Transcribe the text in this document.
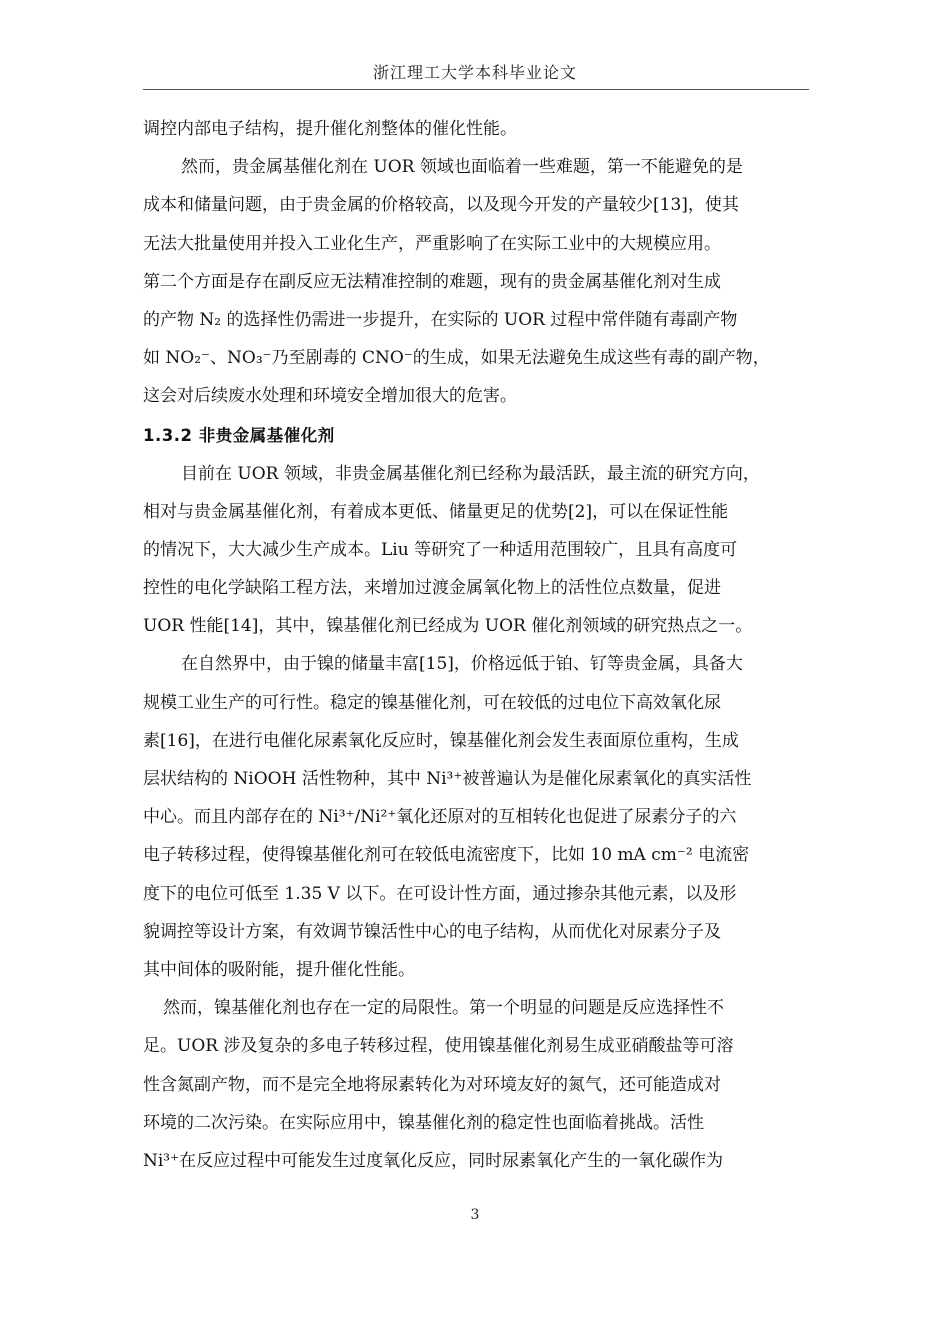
浙江理工大学本科毕业论文
调控内部电子结构，提升催化剂整体的催化性能。
然而，贵金属基催化剂在 UOR 领域也面临着一些难题，第一不能避免的是
成本和储量问题，由于贵金属的价格较高，以及现今开发的产量较少[13]，使其
无法大批量使用并投入工业化生产，严重影响了在实际工业中的大规模应用。
第二个方面是存在副反应无法精准控制的难题，现有的贵金属基催化剂对生成
的产物 N₂ 的选择性仍需进一步提升，在实际的 UOR 过程中常伴随有毒副产物
如 NO₂⁻、NO₃⁻乃至剧毒的 CNO⁻的生成，如果无法避免生成这些有毒的副产物，
这会对后续废水处理和环境安全增加很大的危害。
1.3.2 非贵金属基催化剂
目前在 UOR 领域，非贵金属基催化剂已经称为最活跃，最主流的研究方向，
相对与贵金属基催化剂，有着成本更低、储量更足的优势[2]，可以在保证性能
的情况下，大大减少生产成本。Liu 等研究了一种适用范围较广，且具有高度可
控性的电化学缺陷工程方法，来增加过渡金属氧化物上的活性位点数量，促进
UOR 性能[14]，其中，镍基催化剂已经成为 UOR 催化剂领域的研究热点之一。
在自然界中，由于镍的储量丰富[15]，价格远低于铂、钌等贵金属，具备大
规模工业生产的可行性。稳定的镍基催化剂，可在较低的过电位下高效氧化尿
素[16]，在进行电催化尿素氧化反应时，镍基催化剂会发生表面原位重构，生成
层状结构的 NiOOH 活性物种，其中 Ni³⁺被普遍认为是催化尿素氧化的真实活性
中心。而且内部存在的 Ni³⁺/Ni²⁺氧化还原对的互相转化也促进了尿素分子的六
电子转移过程，使得镍基催化剂可在较低电流密度下，比如 10 mA cm⁻² 电流密
度下的电位可低至 1.35 V 以下。在可设计性方面，通过掺杂其他元素，以及形
貌调控等设计方案，有效调节镍活性中心的电子结构，从而优化对尿素分子及
其中间体的吸附能，提升催化性能。
然而，镍基催化剂也存在一定的局限性。第一个明显的问题是反应选择性不
足。UOR 涉及复杂的多电子转移过程，使用镍基催化剂易生成亚硝酸盐等可溶
性含氮副产物，而不是完全地将尿素转化为对环境友好的氮气，还可能造成对
环境的二次污染。在实际应用中，镍基催化剂的稳定性也面临着挑战。活性
Ni³⁺在反应过程中可能发生过度氧化反应，同时尿素氧化产生的一氧化碳作为
3
